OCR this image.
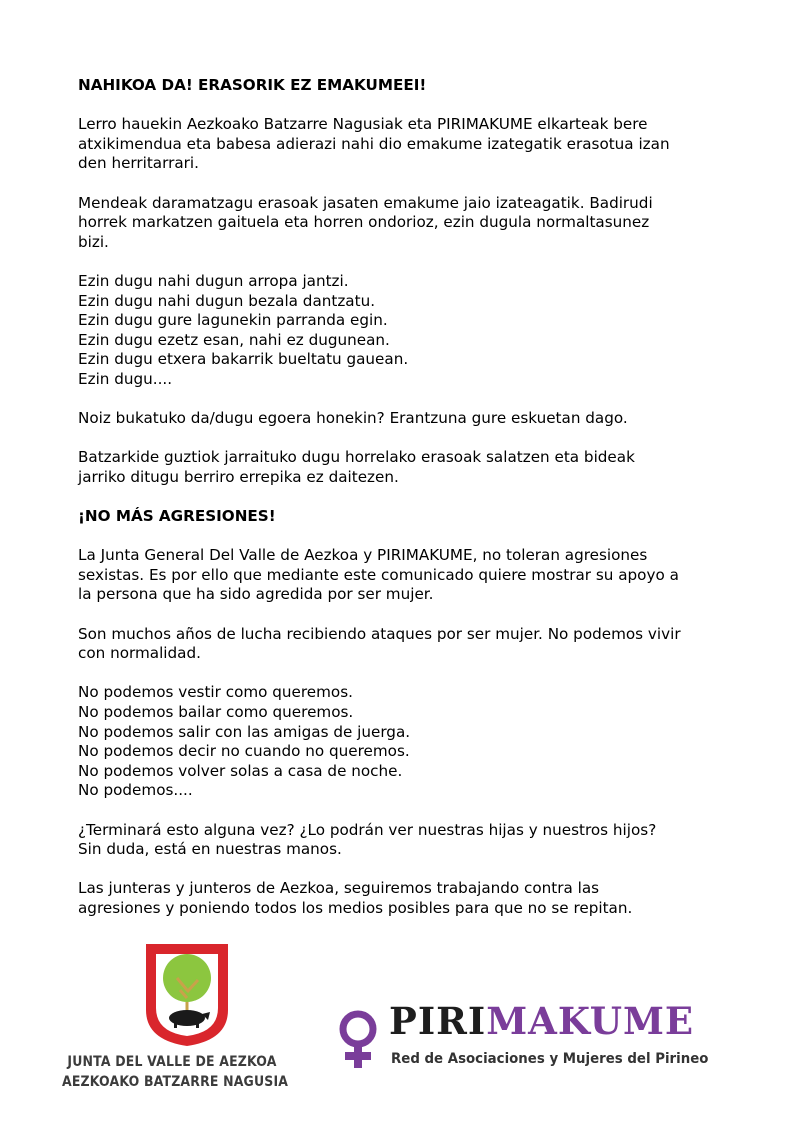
NAHIKOA DA! ERASORIK EZ EMAKUMEEI!
Lerro hauekin Aezkoako Batzarre Nagusiak eta PIRIMAKUME elkarteak bere
atxikimendua eta babesa adierazi nahi dio emakume izategatik erasotua izan
den herritarrari.
Mendeak daramatzagu erasoak jasaten emakume jaio izateagatik. Badirudi
horrek markatzen gaituela eta horren ondorioz, ezin dugula normaltasunez
bizi.
Ezin dugu nahi dugun arropa jantzi.
Ezin dugu nahi dugun bezala dantzatu.
Ezin dugu gure lagunekin parranda egin.
Ezin dugu ezetz esan, nahi ez dugunean.
Ezin dugu etxera bakarrik bueltatu gauean.
Ezin dugu....
Noiz bukatuko da/dugu egoera honekin? Erantzuna gure eskuetan dago.
Batzarkide guztiok jarraituko dugu horrelako erasoak salatzen eta bideak
jarriko ditugu berriro errepika ez daitezen.
¡NO MÁS AGRESIONES!
La Junta General Del Valle de Aezkoa y PIRIMAKUME, no toleran agresiones
sexistas. Es por ello que mediante este comunicado quiere mostrar su apoyo a
la persona que ha sido agredida por ser mujer.
Son muchos años de lucha recibiendo ataques por ser mujer. No podemos vivir
con normalidad.
No podemos vestir como queremos.
No podemos bailar como queremos.
No podemos salir con las amigas de juerga.
No podemos decir no cuando no queremos.
No podemos volver solas a casa de noche.
No podemos....
¿Terminará esto alguna vez? ¿Lo podrán ver nuestras hijas y nuestros hijos?
Sin duda, está en nuestras manos.
Las junteras y junteros de Aezkoa, seguiremos trabajando contra las
agresiones y poniendo todos los medios posibles para que no se repitan.
JUNTA DEL VALLE DE AEZKOA
AEZKOAKO BATZARRE NAGUSIA
PIRIMAKUME
Red de Asociaciones y Mujeres del Pirineo
